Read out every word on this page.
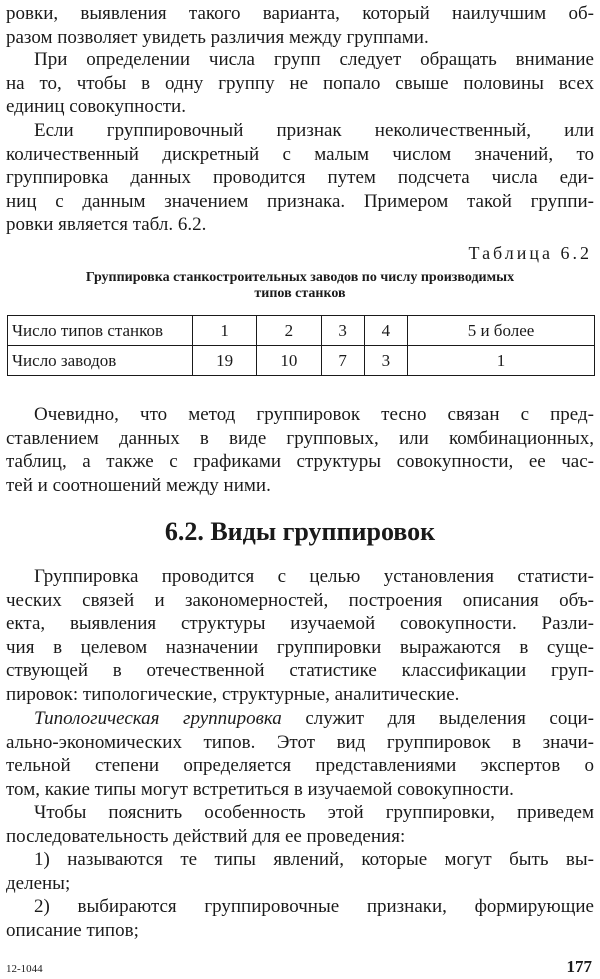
ровки, выявления такого варианта, который наилучшим об-
разом позволяет увидеть различия между группами.
При определении числа групп следует обращать внимание
на то, чтобы в одну группу не попало свыше половины всех
единиц совокупности.
Если группировочный признак неколичественный, или
количественный дискретный с малым числом значений, то
группировка данных проводится путем подсчета числа еди-
ниц с данным значением признака. Примером такой группи-
ровки является табл. 6.2.

Таблица 6.2

Группировка станкостроительных заводов по числу производимых
типов станков
Число типов станков	1	2	3	4	5 и более
Число заводов	19	10	7	3	1
Очевидно, что метод группировок тесно связан с пред-
ставлением данных в виде групповых, или комбинационных,
таблиц, а также с графиками структуры совокупности, ее час-
тей и соотношений между ними.
6.2. Виды группировок
Группировка проводится с целью установления статисти-
ческих связей и закономерностей, построения описания объ-
екта, выявления структуры изучаемой совокупности. Разли-
чия в целевом назначении группировки выражаются в суще-
ствующей в отечественной статистике классификации груп-
пировок: типологические, структурные, аналитические.
Типологическая группировка служит для выделения соци-
ально-экономических типов. Этот вид группировок в значи-
тельной степени определяется представлениями экспертов о
том, какие типы могут встретиться в изучаемой совокупности.
Чтобы пояснить особенность этой группировки, приведем
последовательность действий для ее проведения:
1) называются те типы явлений, которые могут быть вы-
делены;
2) выбираются группировочные признаки, формирующие
описание типов;

12-1044	177
